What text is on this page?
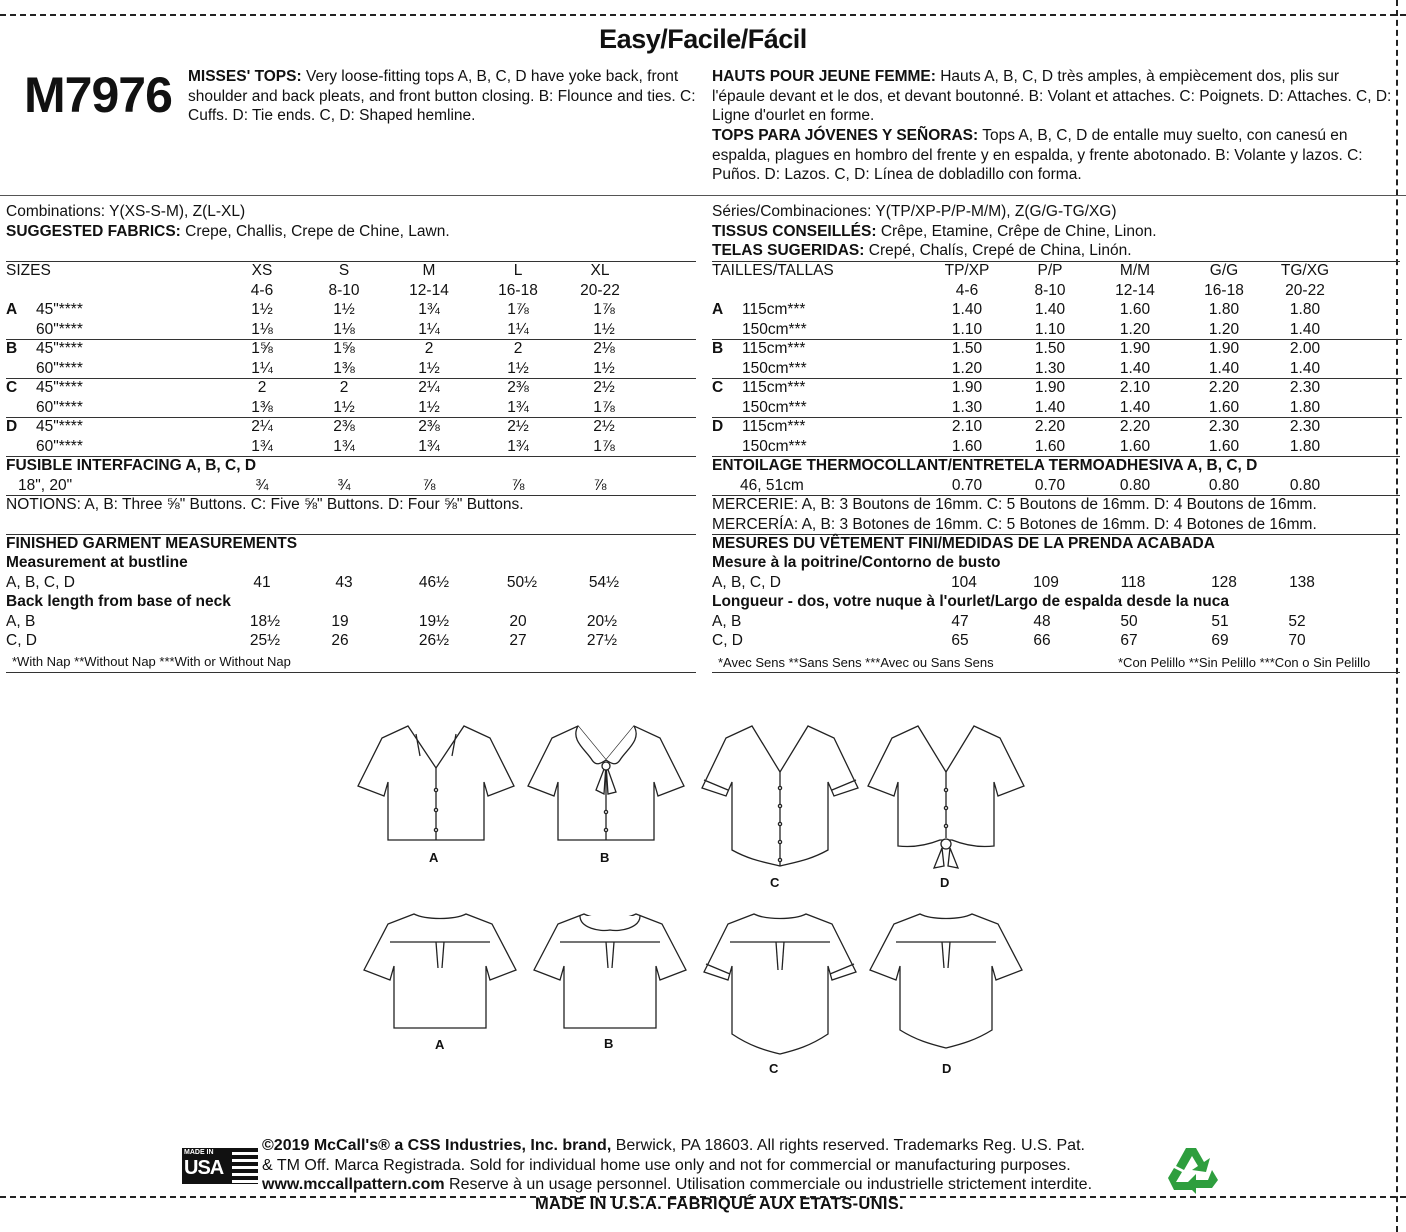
Easy/Facile/Fácil
M7976 MISSES' TOPS: Very loose-fitting tops A, B, C, D have yoke back, front shoulder and back pleats, and front button closing. B: Flounce and ties. C: Cuffs. D: Tie ends. C, D: Shaped hemline.
HAUTS POUR JEUNE FEMME: Hauts A, B, C, D très amples, à empiècement dos, plis sur l'épaule devant et le dos, et devant boutonné. B: Volant et attaches. C: Poignets. D: Attaches. C, D: Ligne d'ourlet en forme.
TOPS PARA JÓVENES Y SEÑORAS: Tops A, B, C, D de entalle muy suelto, con canesú en espalda, plagues en hombro del frente y en espalda, y frente abotonado. B: Volante y lazos. C: Puños. D: Lazos. C, D: Línea de dobladillo con forma.
Combinations: Y(XS-S-M), Z(L-XL)
SUGGESTED FABRICS: Crepe, Challis, Crepe de Chine, Lawn.
SIZES	XS	S	M	L	XL
4-6	8-10	12-14	16-18	20-22
A 45"****	1½	1½	1¾	1⅞	1⅞
60"****	1⅛	1⅛	1¼	1¼	1½
B 45"****	1⅝	1⅝	2	2	2⅛
60"****	1¼	1⅜	1½	1½	1½
C 45"****	2	2	2¼	2⅜	2½
60"****	1⅜	1½	1½	1¾	1⅞
D 45"****	2¼	2⅜	2⅜	2½	2½
60"****	1¾	1¾	1¾	1¾	1⅞
FUSIBLE INTERFACING A, B, C, D
18", 20"	¾	¾	⅞	⅞	⅞
NOTIONS: A, B: Three ⅝" Buttons. C: Five ⅝" Buttons. D: Four ⅝" Buttons.
FINISHED GARMENT MEASUREMENTS
Measurement at bustline
A, B, C, D	41	43	46½	50½	54½
Back length from base of neck
A, B	18½	19	19½	20	20½
C, D	25½	26	26½	27	27½
*With Nap **Without Nap ***With or Without Nap
Séries/Combinaciones: Y(TP/XP-P/P-M/M), Z(G/G-TG/XG)
TISSUS CONSEILLÉS: Crêpe, Etamine, Crêpe de Chine, Linon.
TELAS SUGERIDAS: Crepé, Chalís, Crepé de China, Linón.
TAILLES/TALLAS	TP/XP	P/P	M/M	G/G	TG/XG
4-6	8-10	12-14	16-18	20-22
A 115cm***	1.40	1.40	1.60	1.80	1.80
150cm***	1.10	1.10	1.20	1.20	1.40
B 115cm***	1.50	1.50	1.90	1.90	2.00
150cm***	1.20	1.30	1.40	1.40	1.40
C 115cm***	1.90	1.90	2.10	2.20	2.30
150cm***	1.30	1.40	1.40	1.60	1.80
D 115cm***	2.10	2.20	2.20	2.30	2.30
150cm***	1.60	1.60	1.60	1.60	1.80
ENTOILAGE THERMOCOLLANT/ENTRETELA TERMOADHESIVA A, B, C, D
46, 51cm	0.70	0.70	0.80	0.80	0.80
MERCERIE: A, B: 3 Boutons de 16mm. C: 5 Boutons de 16mm. D: 4 Boutons de 16mm.
MERCERÍA: A, B: 3 Botones de 16mm. C: 5 Botones de 16mm. D: 4 Botones de 16mm.
MESURES DU VÊTEMENT FINI/MEDIDAS DE LA PRENDA ACABADA
Mesure à la poitrine/Contorno de busto
A, B, C, D	104	109	118	128	138
Longueur - dos, votre nuque à l'ourlet/Largo de espalda desde la nuca
A, B	47	48	50	51	52
C, D	65	66	67	69	70
*Avec Sens **Sans Sens ***Avec ou Sans Sens	*Con Pelillo **Sin Pelillo ***Con o Sin Pelillo
A	B
C	D
A	B
C	D
MADE IN
USA
©2019 McCall's® a CSS Industries, Inc. brand, Berwick, PA 18603. All rights reserved. Trademarks Reg. U.S. Pat.
& TM Off. Marca Registrada. Sold for individual home use only and not for commercial or manufacturing purposes.
www.mccallpattern.com Reserve à un usage personnel. Utilisation commerciale ou industrielle strictement interdite.
MADE IN U.S.A. FABRIQUÉ AUX ETATS-UNIS.
